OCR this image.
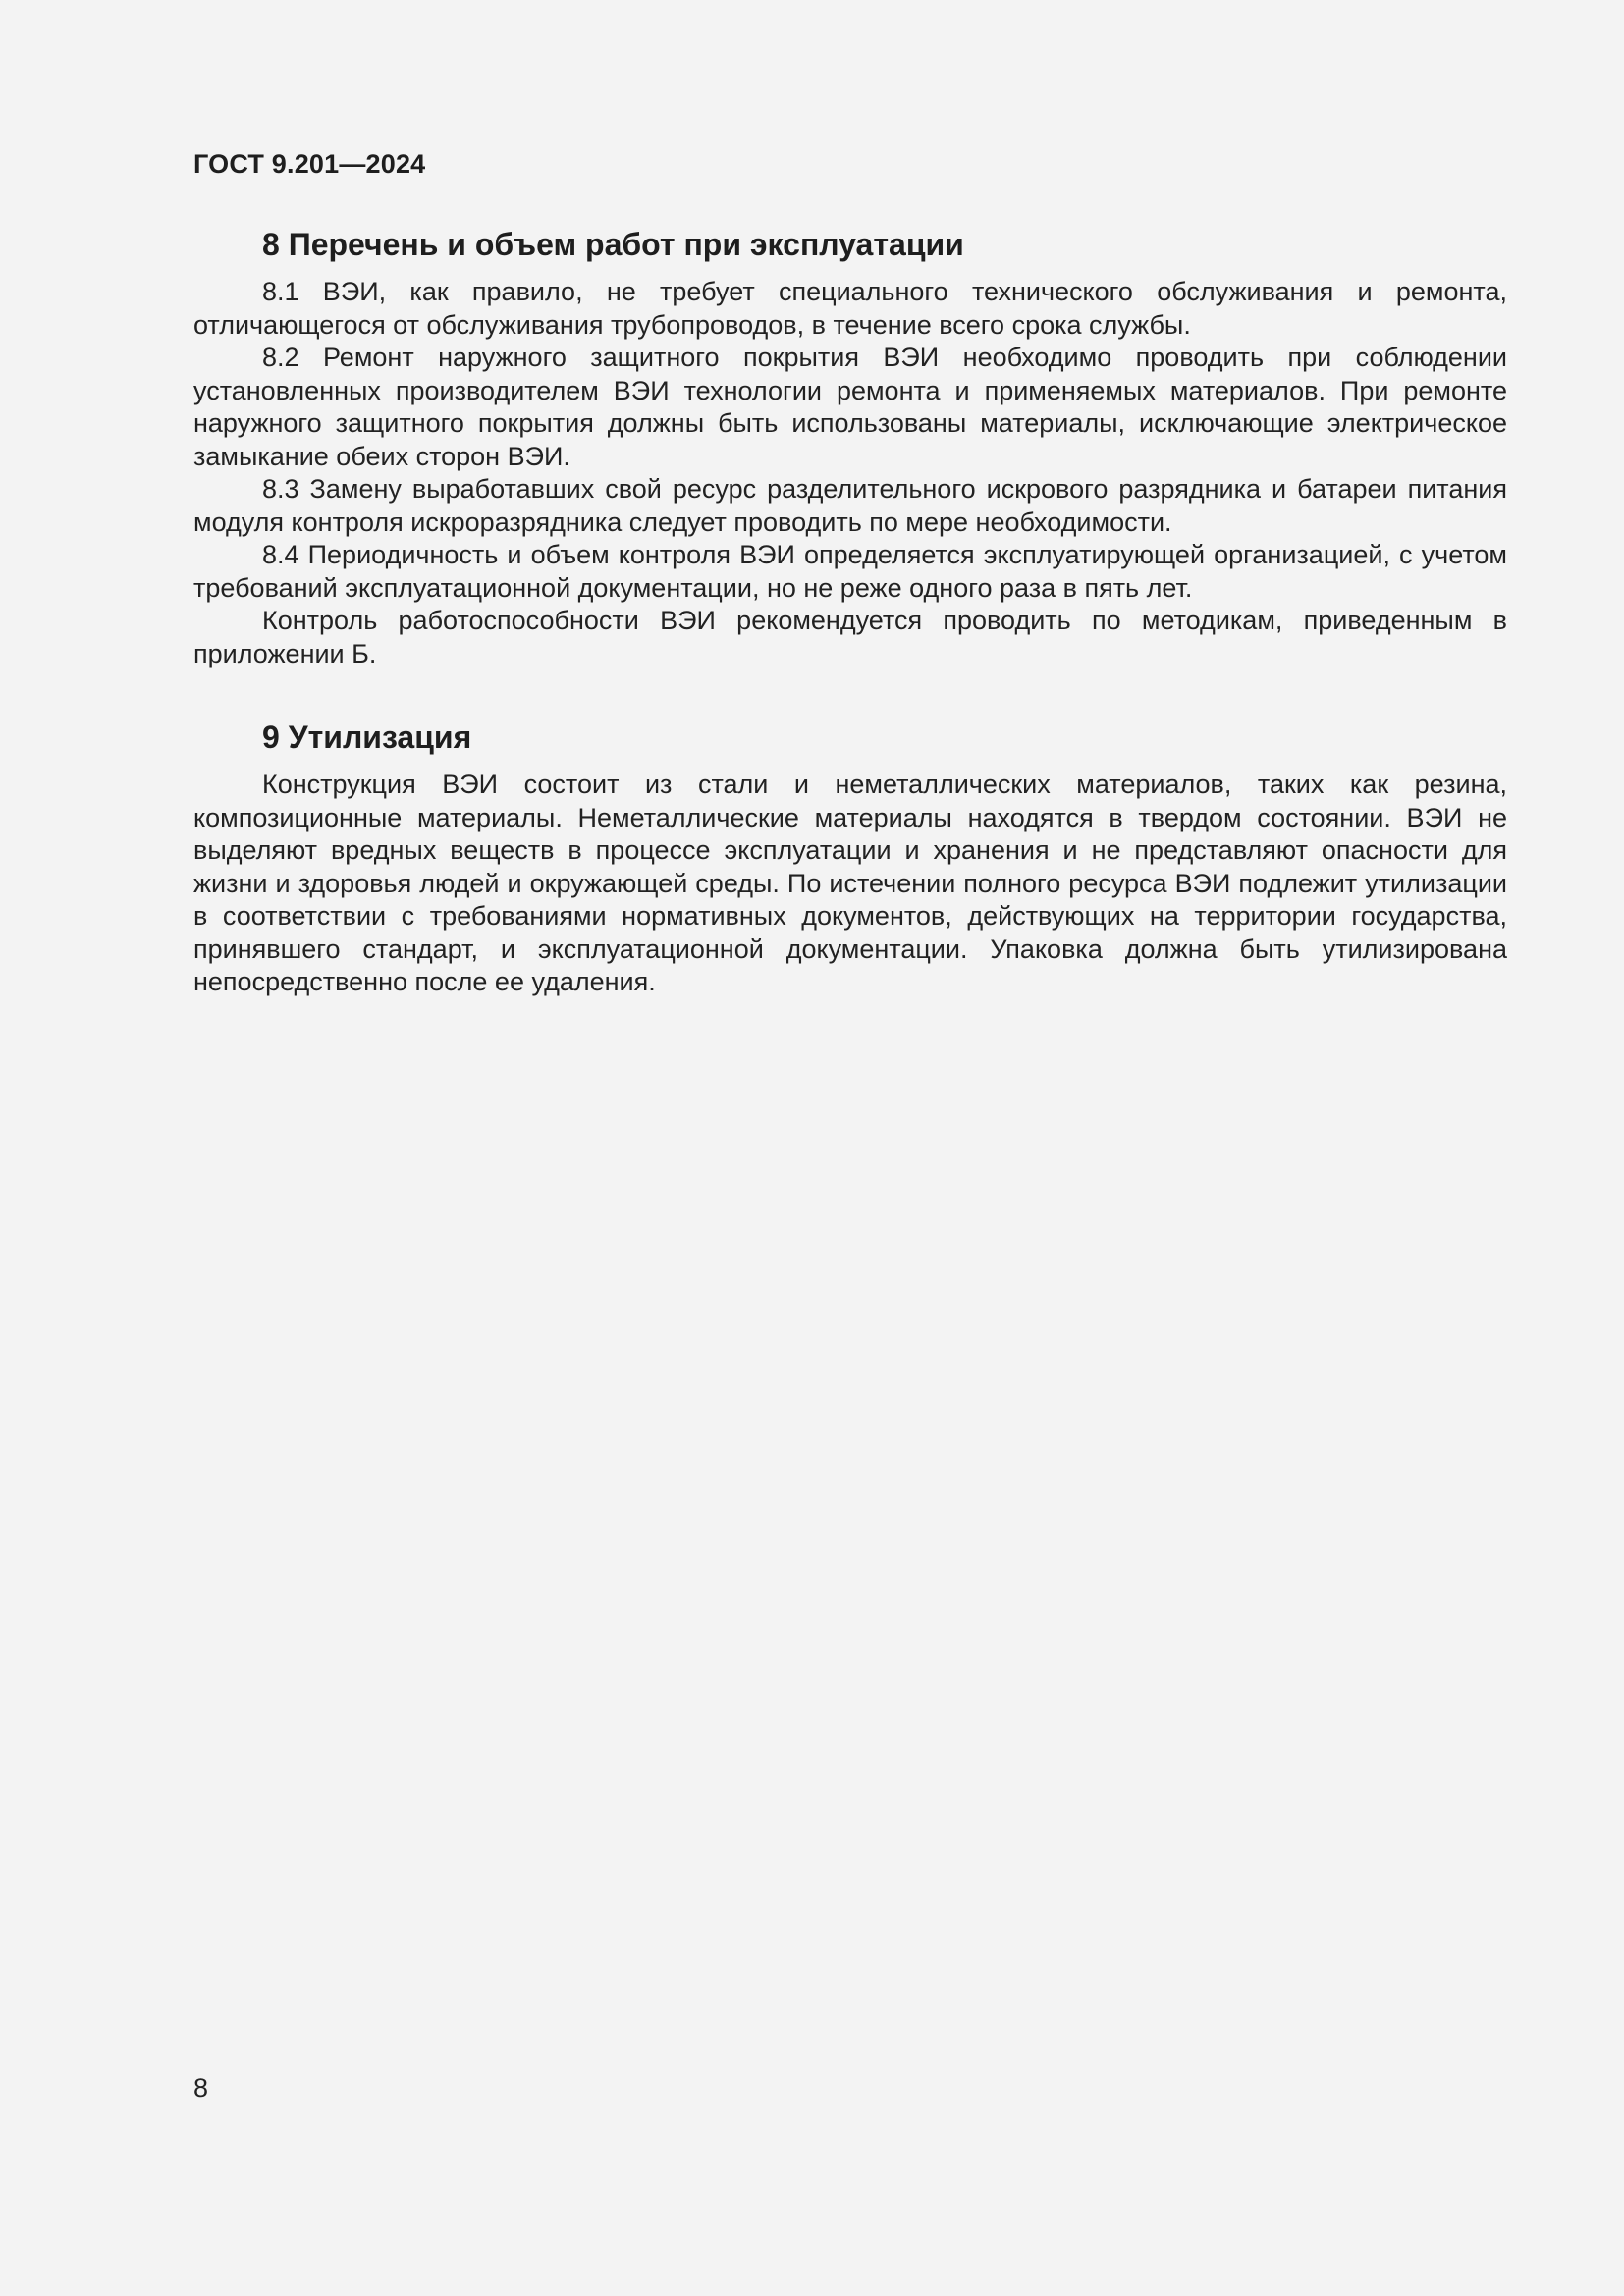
ГОСТ 9.201—2024
8 Перечень и объем работ при эксплуатации

8.1 ВЭИ, как правило, не требует специального технического обслуживания и ремонта, отличающегося от обслуживания трубопроводов, в течение всего срока службы.

8.2 Ремонт наружного защитного покрытия ВЭИ необходимо проводить при соблюдении установленных производителем ВЭИ технологии ремонта и применяемых материалов. При ремонте наружного защитного покрытия должны быть использованы материалы, исключающие электрическое замыкание обеих сторон ВЭИ.

8.3 Замену выработавших свой ресурс разделительного искрового разрядника и батареи питания модуля контроля искроразрядника следует проводить по мере необходимости.

8.4 Периодичность и объем контроля ВЭИ определяется эксплуатирующей организацией, с учетом требований эксплуатационной документации, но не реже одного раза в пять лет.

Контроль работоспособности ВЭИ рекомендуется проводить по методикам, приведенным в приложении Б.

9 Утилизация

Конструкция ВЭИ состоит из стали и неметаллических материалов, таких как резина, композиционные материалы. Неметаллические материалы находятся в твердом состоянии. ВЭИ не выделяют вредных веществ в процессе эксплуатации и хранения и не представляют опасности для жизни и здоровья людей и окружающей среды. По истечении полного ресурса ВЭИ подлежит утилизации в соответствии с требованиями нормативных документов, действующих на территории государства, принявшего стандарт, и эксплуатационной документации. Упаковка должна быть утилизирована непосредственно после ее удаления.

8
